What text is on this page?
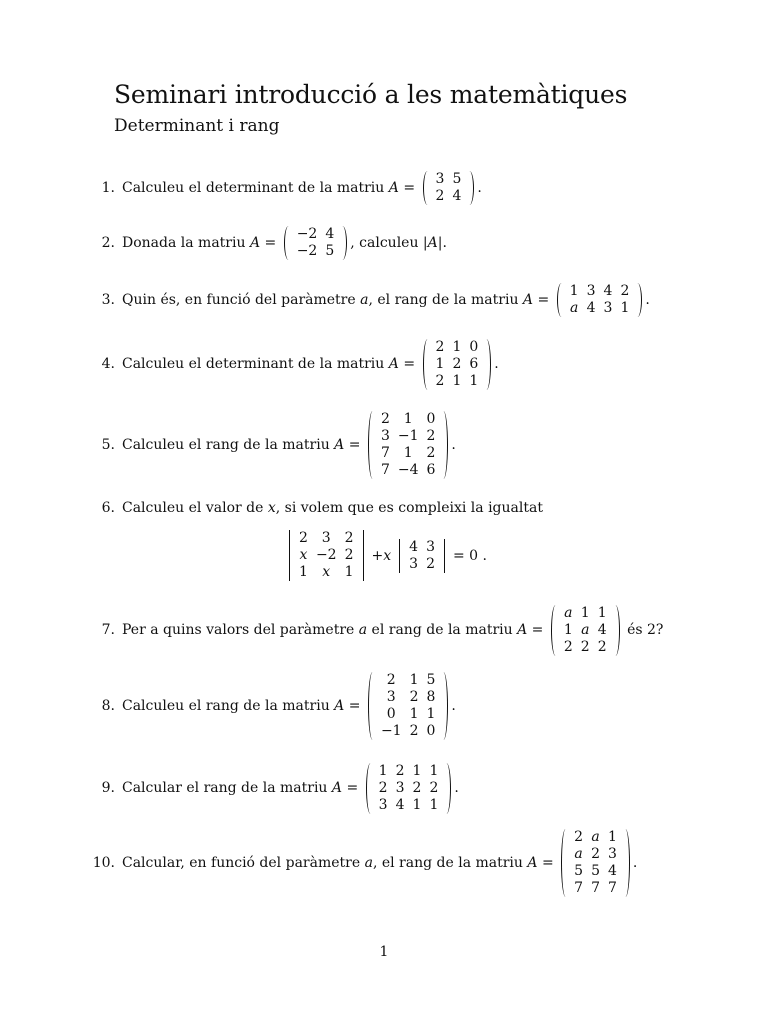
Seminari introducció a les matemàtiques
Determinant i rang
1. Calculeu el determinant de la matriu A =
3	5
2	4 .
2. Donada la matriu A =
−2	4
−2	5 , calculeu | A |.
3. Quin és, en funció del paràmetre a , el rang de la matriu A =
1	3	4	2
a	4	3	1 .
4. Calculeu el determinant de la matriu A =
2	1	0
1	2	6
2	1	1
.
5. Calculeu el rang de la matriu A =
2	1	0
3	−1	2
7	1	2
7	−4	6
.
6. Calculeu el valor de x , si volem que es compleixi la igualtat
7. Per a quins valors del paràmetre a el rang de la matriu A =
a	1	1
1	a	4
2	2	2
és 2?
8. Calculeu el rang de la matriu A =
2	1	5
3	2	8
0	1	1
−1	2	0
.
9. Calcular el rang de la matriu A =
1	2	1	1
2	3	2	2
3	4	1	1
.
10. Calcular, en funció del paràmetre a , el rang de la matriu A =
2	a	1
a	2	3
5	5	4
7	7	7
.
2	3	2
x	−2	2
1	x	1
+ x
4	3
3	2 = 0 .
1
